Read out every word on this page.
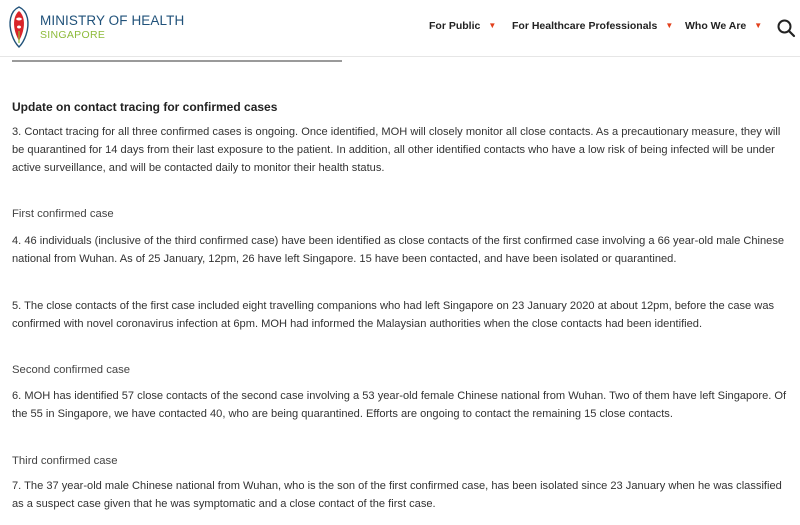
Update on contact tracing for confirmed cases

3. Contact tracing for all three confirmed cases is ongoing. Once identified, MOH will closely monitor all close contacts. As a precautionary measure, they will be quarantined for 14 days from their last exposure to the patient. In addition, all other identified contacts who have a low risk of being infected will be under active surveillance, and will be contacted daily to monitor their health status.

First confirmed case

4. 46 individuals (inclusive of the third confirmed case) have been identified as close contacts of the first confirmed case involving a 66 year-old male Chinese national from Wuhan. As of 25 January, 12pm, 26 have left Singapore. 15 have been contacted, and have been isolated or quarantined.

5. The close contacts of the first case included eight travelling companions who had left Singapore on 23 January 2020 at about 12pm, before the case was confirmed with novel coronavirus infection at 6pm. MOH had informed the Malaysian authorities when the close contacts had been identified.

Second confirmed case

6. MOH has identified 57 close contacts of the second case involving a 53 year-old female Chinese national from Wuhan. Two of them have left Singapore. Of the 55 in Singapore, we have contacted 40, who are being quarantined. Efforts are ongoing to contact the remaining 15 close contacts.

Third confirmed case

7. The 37 year-old male Chinese national from Wuhan, who is the son of the first confirmed case, has been isolated since 23 January when he was classified as a suspect case given that he was symptomatic and a close contact of the first case.

MINISTRY OF HEALTH
SINGAPORE
For Public ▼ For Healthcare Professionals ▼ Who We Are ▼
